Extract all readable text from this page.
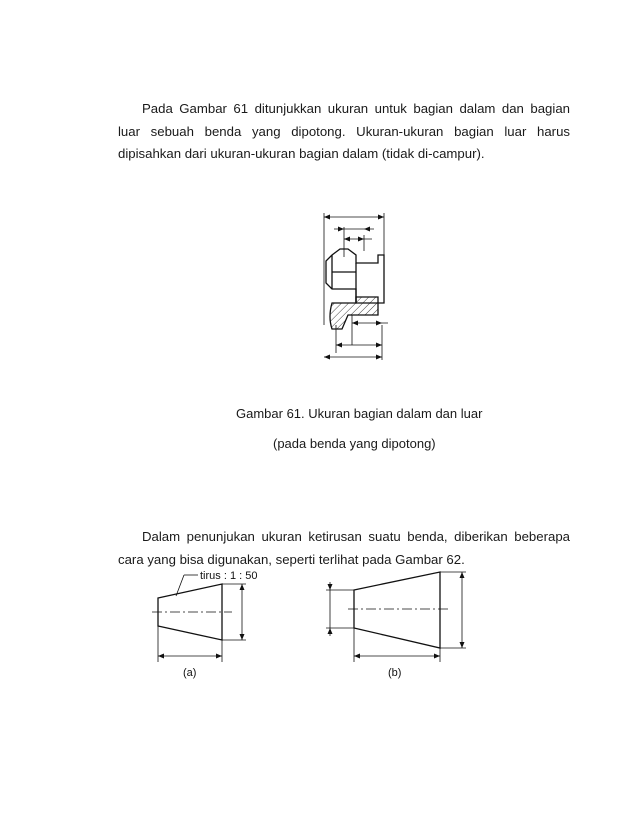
Pada Gambar 61 ditunjukkan ukuran untuk bagian dalam dan bagian luar sebuah benda yang dipotong. Ukuran-ukuran bagian luar harus dipisahkan dari ukuran-ukuran bagian dalam (tidak di-campur).
Gambar 61. Ukuran bagian dalam dan luar
(pada benda yang dipotong)
Dalam penunjukan ukuran ketirusan suatu benda, diberikan beberapa cara yang bisa digunakan, seperti terlihat pada Gambar 62.
tirus : 1 : 50
(a)	(b)
